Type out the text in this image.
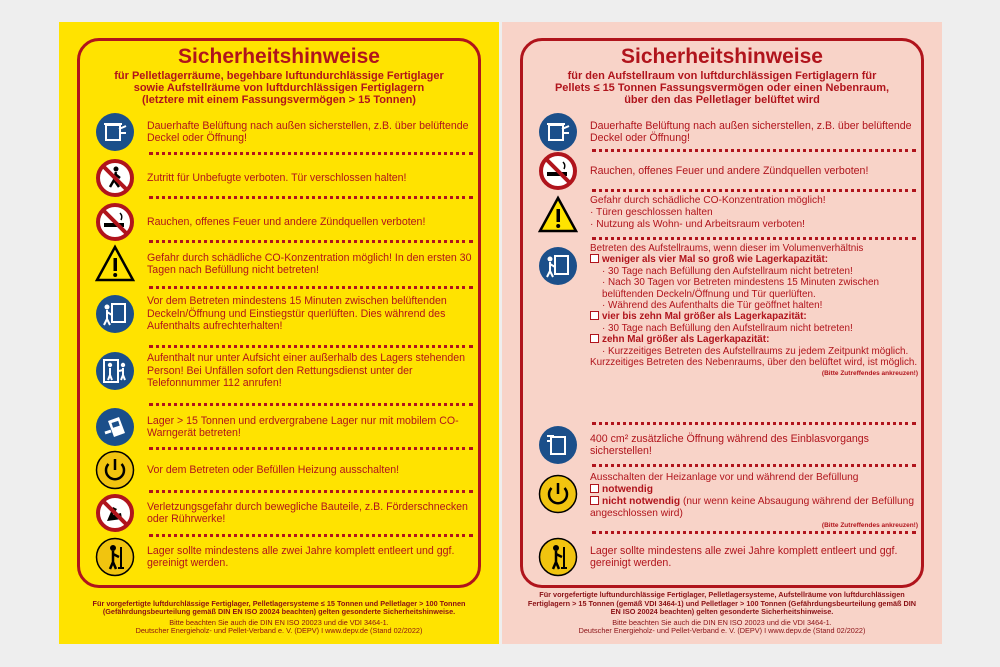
Sicherheitshinweise
für Pelletlagerräume, begehbare luftundurchlässige Fertiglager
sowie Aufstellräume von luftdurchlässigen Fertiglagern
(letztere mit einem Fassungsvermögen > 15 Tonnen)
Dauerhafte Belüftung nach außen sicherstellen, z.B. über belüftende Deckel oder Öffnung!
Zutritt für Unbefugte verboten. Tür verschlossen halten!
Rauchen, offenes Feuer und andere Zündquellen verboten!
Gefahr durch schädliche CO-Konzentration möglich! In den ersten 30 Tagen nach Befüllung nicht betreten!
Vor dem Betreten mindestens 15 Minuten zwischen belüftenden Deckeln/Öffnung und Einstiegstür querlüften. Dies während des Aufenthalts aufrechterhalten!
Aufenthalt nur unter Aufsicht einer außerhalb des Lagers stehenden Person! Bei Unfällen sofort den Rettungsdienst unter der Telefonnummer 112 anrufen!
Lager > 15 Tonnen und erdvergrabene Lager nur mit mobilem CO-Warngerät betreten!
Vor dem Betreten oder Befüllen Heizung ausschalten!
Verletzungsgefahr durch bewegliche Bauteile, z.B. Förderschnecken oder Rührwerke!
Lager sollte mindestens alle zwei Jahre komplett entleert und ggf. gereinigt werden.
Für vorgefertigte luftdurchlässige Fertiglager, Pelletlagersysteme ≤ 15 Tonnen und Pelletlager > 100 Tonnen (Gefährdungsbeurteilung gemäß DIN EN ISO 20024 beachten) gelten gesonderte Sicherheitshinweise.
Bitte beachten Sie auch die DIN EN ISO 20023 und die VDI 3464-1.
Deutscher Energieholz- und Pellet-Verband e. V. (DEPV) I www.depv.de (Stand 02/2022)
Sicherheitshinweise
für den Aufstellraum von luftdurchlässigen Fertiglagern für
Pellets ≤ 15 Tonnen Fassungsvermögen oder einen Nebenraum,
über den das Pelletlager belüftet wird
Dauerhafte Belüftung nach außen sicherstellen, z.B. über belüftende Deckel oder Öffnung!
Rauchen, offenes Feuer und andere Zündquellen verboten!
Gefahr durch schädliche CO-Konzentration möglich!
· Türen geschlossen halten
· Nutzung als Wohn- und Arbeitsraum verboten!
Betreten des Aufstellraums, wenn dieser im Volumenverhältnis
weniger als vier Mal so groß wie Lagerkapazität:
· 30 Tage nach Befüllung den Aufstellraum nicht betreten!
· Nach 30 Tagen vor Betreten mindestens 15 Minuten zwischen belüftenden Deckeln/Öffnung und Tür querlüften.
· Während des Aufenthalts die Tür geöffnet halten!
vier bis zehn Mal größer als Lagerkapazität:
· 30 Tage nach Befüllung den Aufstellraum nicht betreten!
zehn Mal größer als Lagerkapazität:
· Kurzzeitiges Betreten des Aufstellraums zu jedem Zeitpunkt möglich.
Kurzzeitiges Betreten des Nebenraums, über den belüftet wird, ist möglich.
(Bitte Zutreffendes ankreuzen!)
400 cm² zusätzliche Öffnung während des Einblasvorgangs sicherstellen!
Ausschalten der Heizanlage vor und während der Befüllung
notwendig
nicht notwendig (nur wenn keine Absaugung während der Befüllung angeschlossen wird)
(Bitte Zutreffendes ankreuzen!)
Lager sollte mindestens alle zwei Jahre komplett entleert und ggf. gereinigt werden.
Für vorgefertigte luftundurchlässige Fertiglager, Pelletlagersysteme, Aufstellräume von luftdurchlässigen Fertiglagern > 15 Tonnen (gemäß VDI 3464-1) und Pelletlager > 100 Tonnen (Gefährdungsbeurteilung gemäß DIN EN ISO 20024 beachten) gelten gesonderte Sicherheitshinweise.
Bitte beachten Sie auch die DIN EN ISO 20023 und die VDI 3464-1.
Deutscher Energieholz- und Pellet-Verband e. V. (DEPV) I www.depv.de (Stand 02/2022)
